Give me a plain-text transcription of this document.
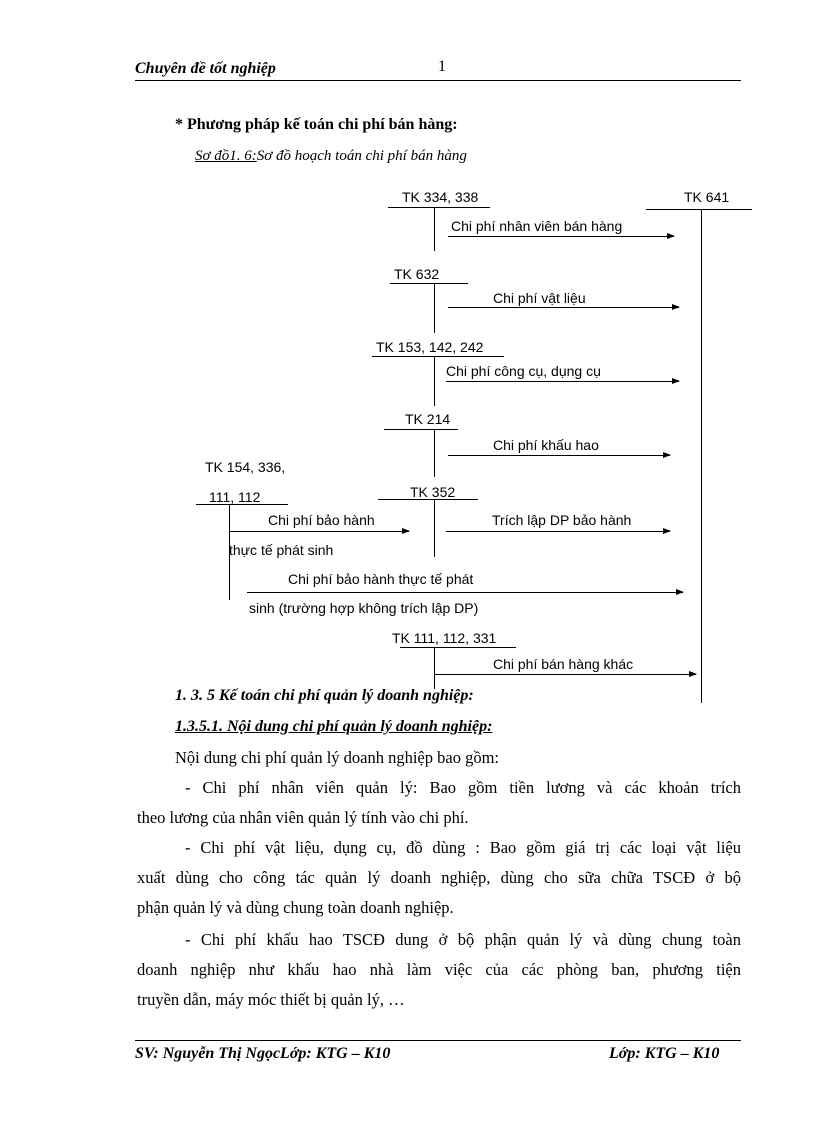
Chuyên đề tốt nghiệp	1
* Phương pháp kế toán chi phí bán hàng:
Sơ đồ1. 6:Sơ đồ hoạch toán chi phí bán hàng
TK 641
TK 334, 338
Chi phí nhân viên bán hàng
TK 632
Chi phí vật liệu
TK 153, 142, 242
Chi phí công cụ, dụng cụ
TK 214
Chi phí khấu hao
TK 154, 336,
111, 112	TK 352
Chi phí bảo hành
thực tế phát sinh
Trích lập DP bảo hành
Chi phí bảo hành thực tế phát
sinh (trường hợp không trích lập DP)
TK 111, 112, 331
Chi phí bán hàng khác
1. 3. 5 Kế toán chi phí quản lý doanh nghiệp:
1.3.5.1. Nội dung chi phí quản lý doanh nghiệp:
Nội dung chi phí quản lý doanh nghiệp bao gồm:
- Chi phí nhân viên quản lý: Bao gồm tiền lương và các khoản trích
theo lương của nhân viên quản lý tính vào chi phí.
- Chi phí vật liệu, dụng cụ, đồ dùng : Bao gồm giá trị các loại vật liệu
xuất dùng cho công tác quản lý doanh nghiệp, dùng cho sữa chữa TSCĐ ở bộ
phận quản lý và dùng chung toàn doanh nghiệp.
- Chi phí khấu hao TSCĐ dung ở bộ phận quản lý và dùng chung toàn
doanh nghiệp như khấu hao nhà làm việc của các phòng ban, phương tiện
truyền dẫn, máy móc thiết bị quản lý, …
SV: Nguyễn Thị NgọcLớp: KTG – K10	Lớp: KTG – K10
